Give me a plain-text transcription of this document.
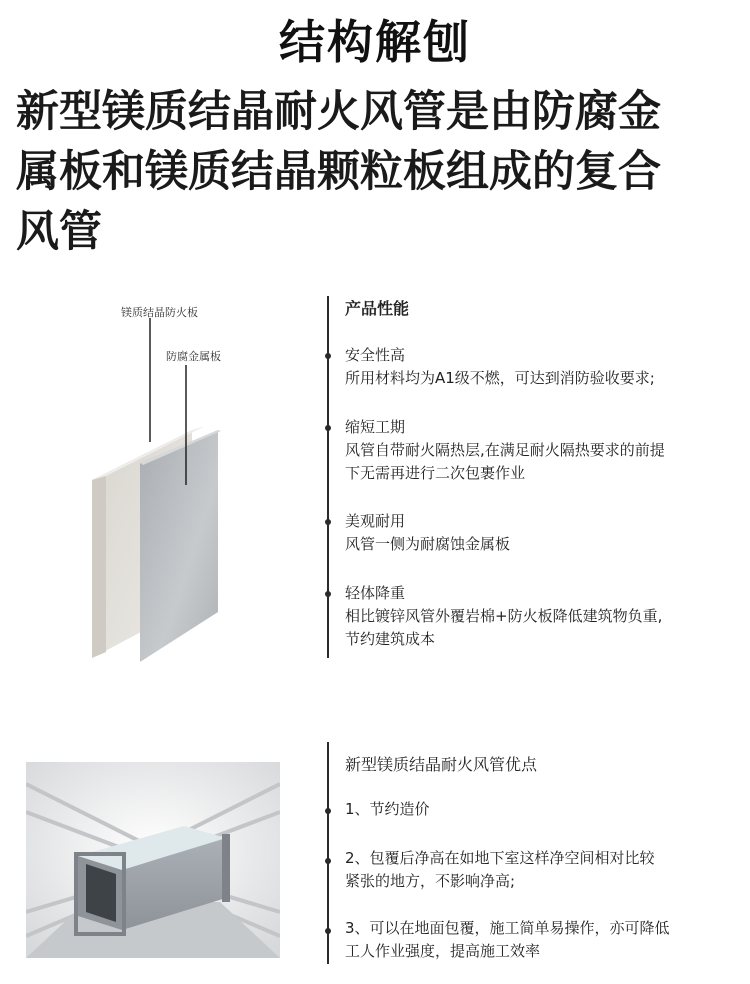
结构解刨
新型镁质结晶耐火风管是由防腐金
属板和镁质结晶颗粒板组成的复合
风管
镁质结晶防火板
防腐金属板
产品性能
安全性高
所用材料均为A1级不燃，可达到消防验收要求;
缩短工期
风管自带耐火隔热层,在满足耐火隔热要求的前提
下无需再进行二次包裹作业
美观耐用
风管一侧为耐腐蚀金属板
轻体降重
相比镀锌风管外覆岩棉+防火板降低建筑物负重,
节约建筑成本
新型镁质结晶耐火风管优点
1、节约造价
2、包覆后净高在如地下室这样净空间相对比较
紧张的地方，不影响净高;
3、可以在地面包覆，施工简单易操作，亦可降低
工人作业强度，提高施工效率
